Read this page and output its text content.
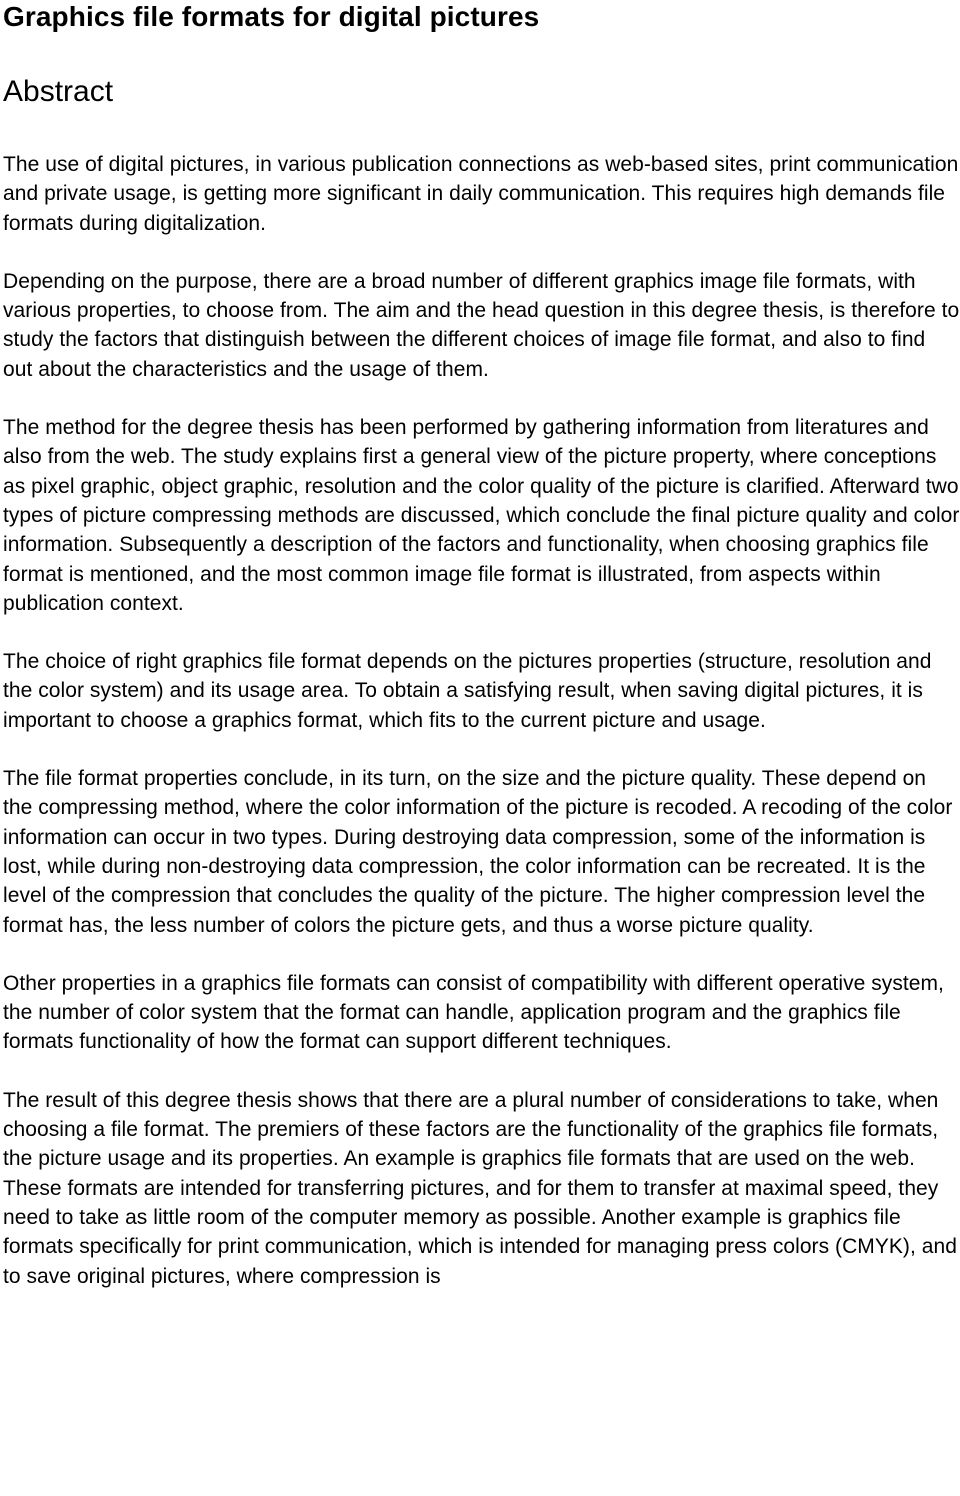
Graphics file formats for digital pictures
Abstract

The use of digital pictures, in various publication connections as web-based sites, print communication and private usage, is getting more significant in daily communication. This requires high demands file formats during digitalization.

Depending on the purpose, there are a broad number of different graphics image file formats, with various properties, to choose from. The aim and the head question in this degree thesis, is therefore to study the factors that distinguish between the different choices of image file format, and also to find out about the characteristics and the usage of them.

The method for the degree thesis has been performed by gathering information from literatures and also from the web. The study explains first a general view of the picture property, where conceptions as pixel graphic, object graphic, resolution and the color quality of the picture is clarified. Afterward two types of picture compressing methods are discussed, which conclude the final picture quality and color information. Subsequently a description of the factors and functionality, when choosing graphics file format is mentioned, and the most common image file format is illustrated, from aspects within publication context.

The choice of right graphics file format depends on the pictures properties (structure, resolution and the color system) and its usage area. To obtain a satisfying result, when saving digital pictures, it is important to choose a graphics format, which fits to the current picture and usage.

The file format properties conclude, in its turn, on the size and the picture quality. These depend on the compressing method, where the color information of the picture is recoded. A recoding of the color information can occur in two types. During destroying data compression, some of the information is lost, while during non-destroying data compression, the color information can be recreated. It is the level of the compression that concludes the quality of the picture. The higher compression level the format has, the less number of colors the picture gets, and thus a worse picture quality.

Other properties in a graphics file formats can consist of compatibility with different operative system, the number of color system that the format can handle, application program and the graphics file formats functionality of how the format can support different techniques.

The result of this degree thesis shows that there are a plural number of considerations to take, when choosing a file format. The premiers of these factors are the functionality of the graphics file formats, the picture usage and its properties. An example is graphics file formats that are used on the web. These formats are intended for transferring pictures, and for them to transfer at maximal speed, they need to take as little room of the computer memory as possible. Another example is graphics file formats specifically for print communication, which is intended for managing press colors (CMYK), and to save original pictures, where compression is
